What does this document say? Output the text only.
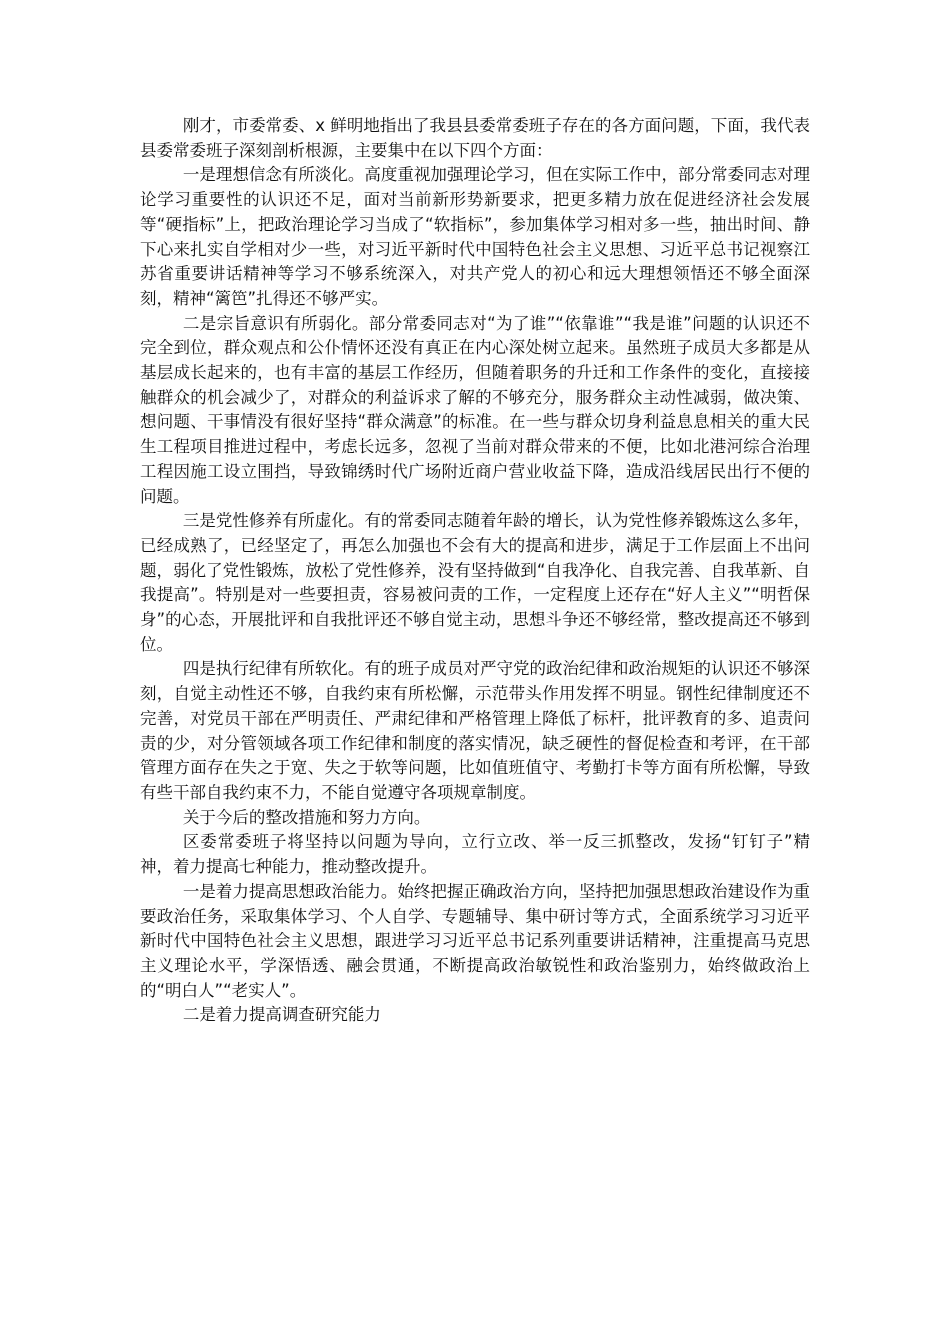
刚才，市委常委、x 鲜明地指出了我县县委常委班子存在的各方面问题，下面，我代表县委常委班子深刻剖析根源，主要集中在以下四个方面：

一是理想信念有所淡化。高度重视加强理论学习，但在实际工作中，部分常委同志对理论学习重要性的认识还不足，面对当前新形势新要求，把更多精力放在促进经济社会发展等“硬指标”上，把政治理论学习当成了“软指标”，参加集体学习相对多一些，抽出时间、静下心来扎实自学相对少一些，对习近平新时代中国特色社会主义思想、习近平总书记视察江苏省重要讲话精神等学习不够系统深入，对共产党人的初心和远大理想领悟还不够全面深刻，精神“篱笆”扎得还不够严实。

二是宗旨意识有所弱化。部分常委同志对“为了谁”“依靠谁”“我是谁”问题的认识还不完全到位，群众观点和公仆情怀还没有真正在内心深处树立起来。虽然班子成员大多都是从基层成长起来的，也有丰富的基层工作经历，但随着职务的升迁和工作条件的变化，直接接触群众的机会减少了，对群众的利益诉求了解的不够充分，服务群众主动性减弱，做决策、想问题、干事情没有很好坚持“群众满意”的标准。在一些与群众切身利益息息相关的重大民生工程项目推进过程中，考虑长远多，忽视了当前对群众带来的不便，比如北港河综合治理工程因施工设立围挡，导致锦绣时代广场附近商户营业收益下降，造成沿线居民出行不便的问题。

三是党性修养有所虚化。有的常委同志随着年龄的增长，认为党性修养锻炼这么多年，已经成熟了，已经坚定了，再怎么加强也不会有大的提高和进步，满足于工作层面上不出问题，弱化了党性锻炼，放松了党性修养，没有坚持做到“自我净化、自我完善、自我革新、自我提高”。特别是对一些要担责，容易被问责的工作，一定程度上还存在“好人主义”“明哲保身”的心态，开展批评和自我批评还不够自觉主动，思想斗争还不够经常，整改提高还不够到位。

四是执行纪律有所软化。有的班子成员对严守党的政治纪律和政治规矩的认识还不够深刻，自觉主动性还不够，自我约束有所松懈，示范带头作用发挥不明显。钢性纪律制度还不完善，对党员干部在严明责任、严肃纪律和严格管理上降低了标杆，批评教育的多、追责问责的少，对分管领域各项工作纪律和制度的落实情况，缺乏硬性的督促检查和考评，在干部管理方面存在失之于宽、失之于软等问题，比如值班值守、考勤打卡等方面有所松懈，导致有些干部自我约束不力，不能自觉遵守各项规章制度。

关于今后的整改措施和努力方向。

区委常委班子将坚持以问题为导向，立行立改、举一反三抓整改，发扬“钉钉子”精神，着力提高七种能力，推动整改提升。

一是着力提高思想政治能力。始终把握正确政治方向，坚持把加强思想政治建设作为重要政治任务，采取集体学习、个人自学、专题辅导、集中研讨等方式，全面系统学习习近平新时代中国特色社会主义思想，跟进学习习近平总书记系列重要讲话精神，注重提高马克思主义理论水平，学深悟透、融会贯通，不断提高政治敏锐性和政治鉴别力，始终做政治上的“明白人”“老实人”。

二是着力提高调查研究能力
